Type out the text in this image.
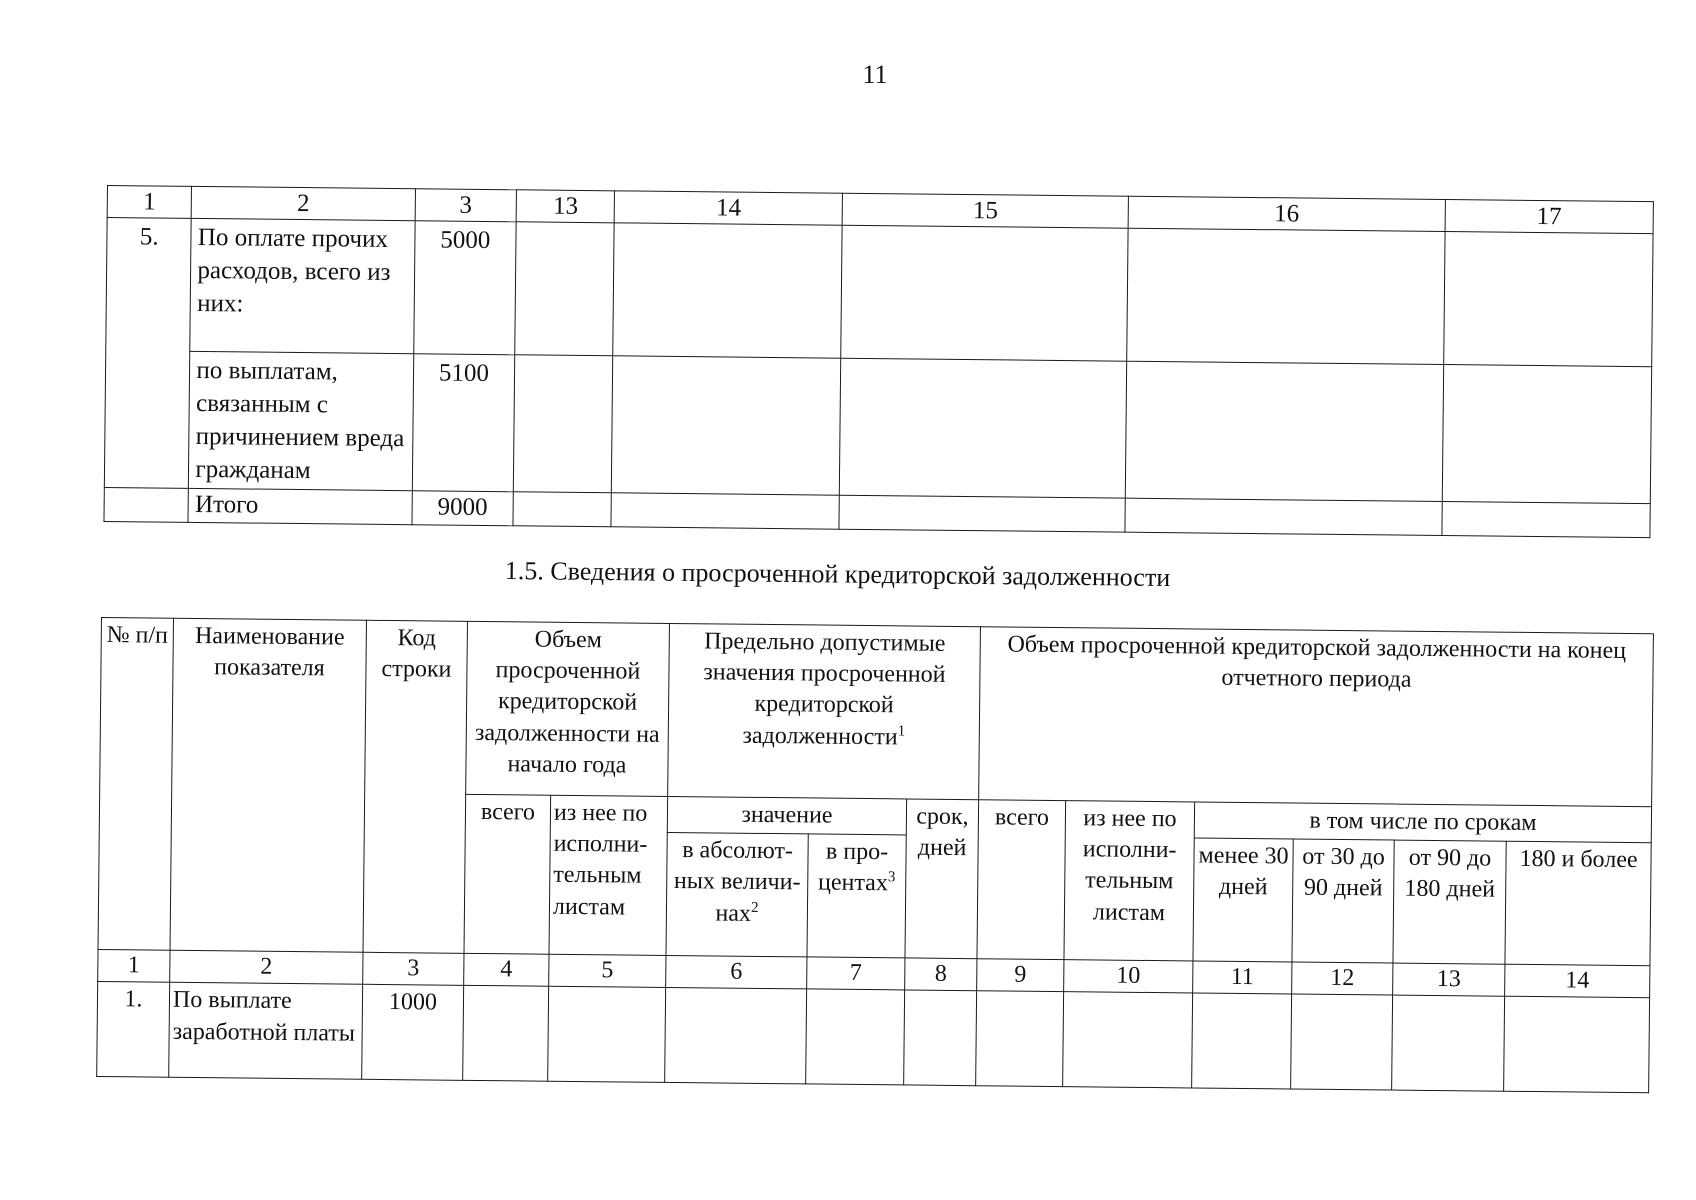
11
1	2	3	13	14	15	16	17
5.	По оплате прочих расходов, всего из них:	5000					
	по выплатам, связанным с причинением вреда гражданам	5100					
	Итого	9000					
1.5. Сведения о просроченной кредиторской задолженности
№ п/п	Наименование показателя	Код строки	Объем просроченной кредиторской задолженности на начало года		Предельно допустимые значения просроченной кредиторской задолженности$^1$			Объем просроченной кредиторской задолженности на конец отчетного периода					
			всего	из нее по исполни-тельным листам	значение		срок, дней	всего	из нее по исполни-тельным листам	в том числе по срокам			
					в абсолют-ных величи-нах$^2$	в про-центах$^3$				менее 30 дней	от 30 до 90 дней	от 90 до 180 дней	180 и более
1	2	3	4	5	6	7	8	9	10	11	12	13	14
1.	По выплате заработной платы	1000											
